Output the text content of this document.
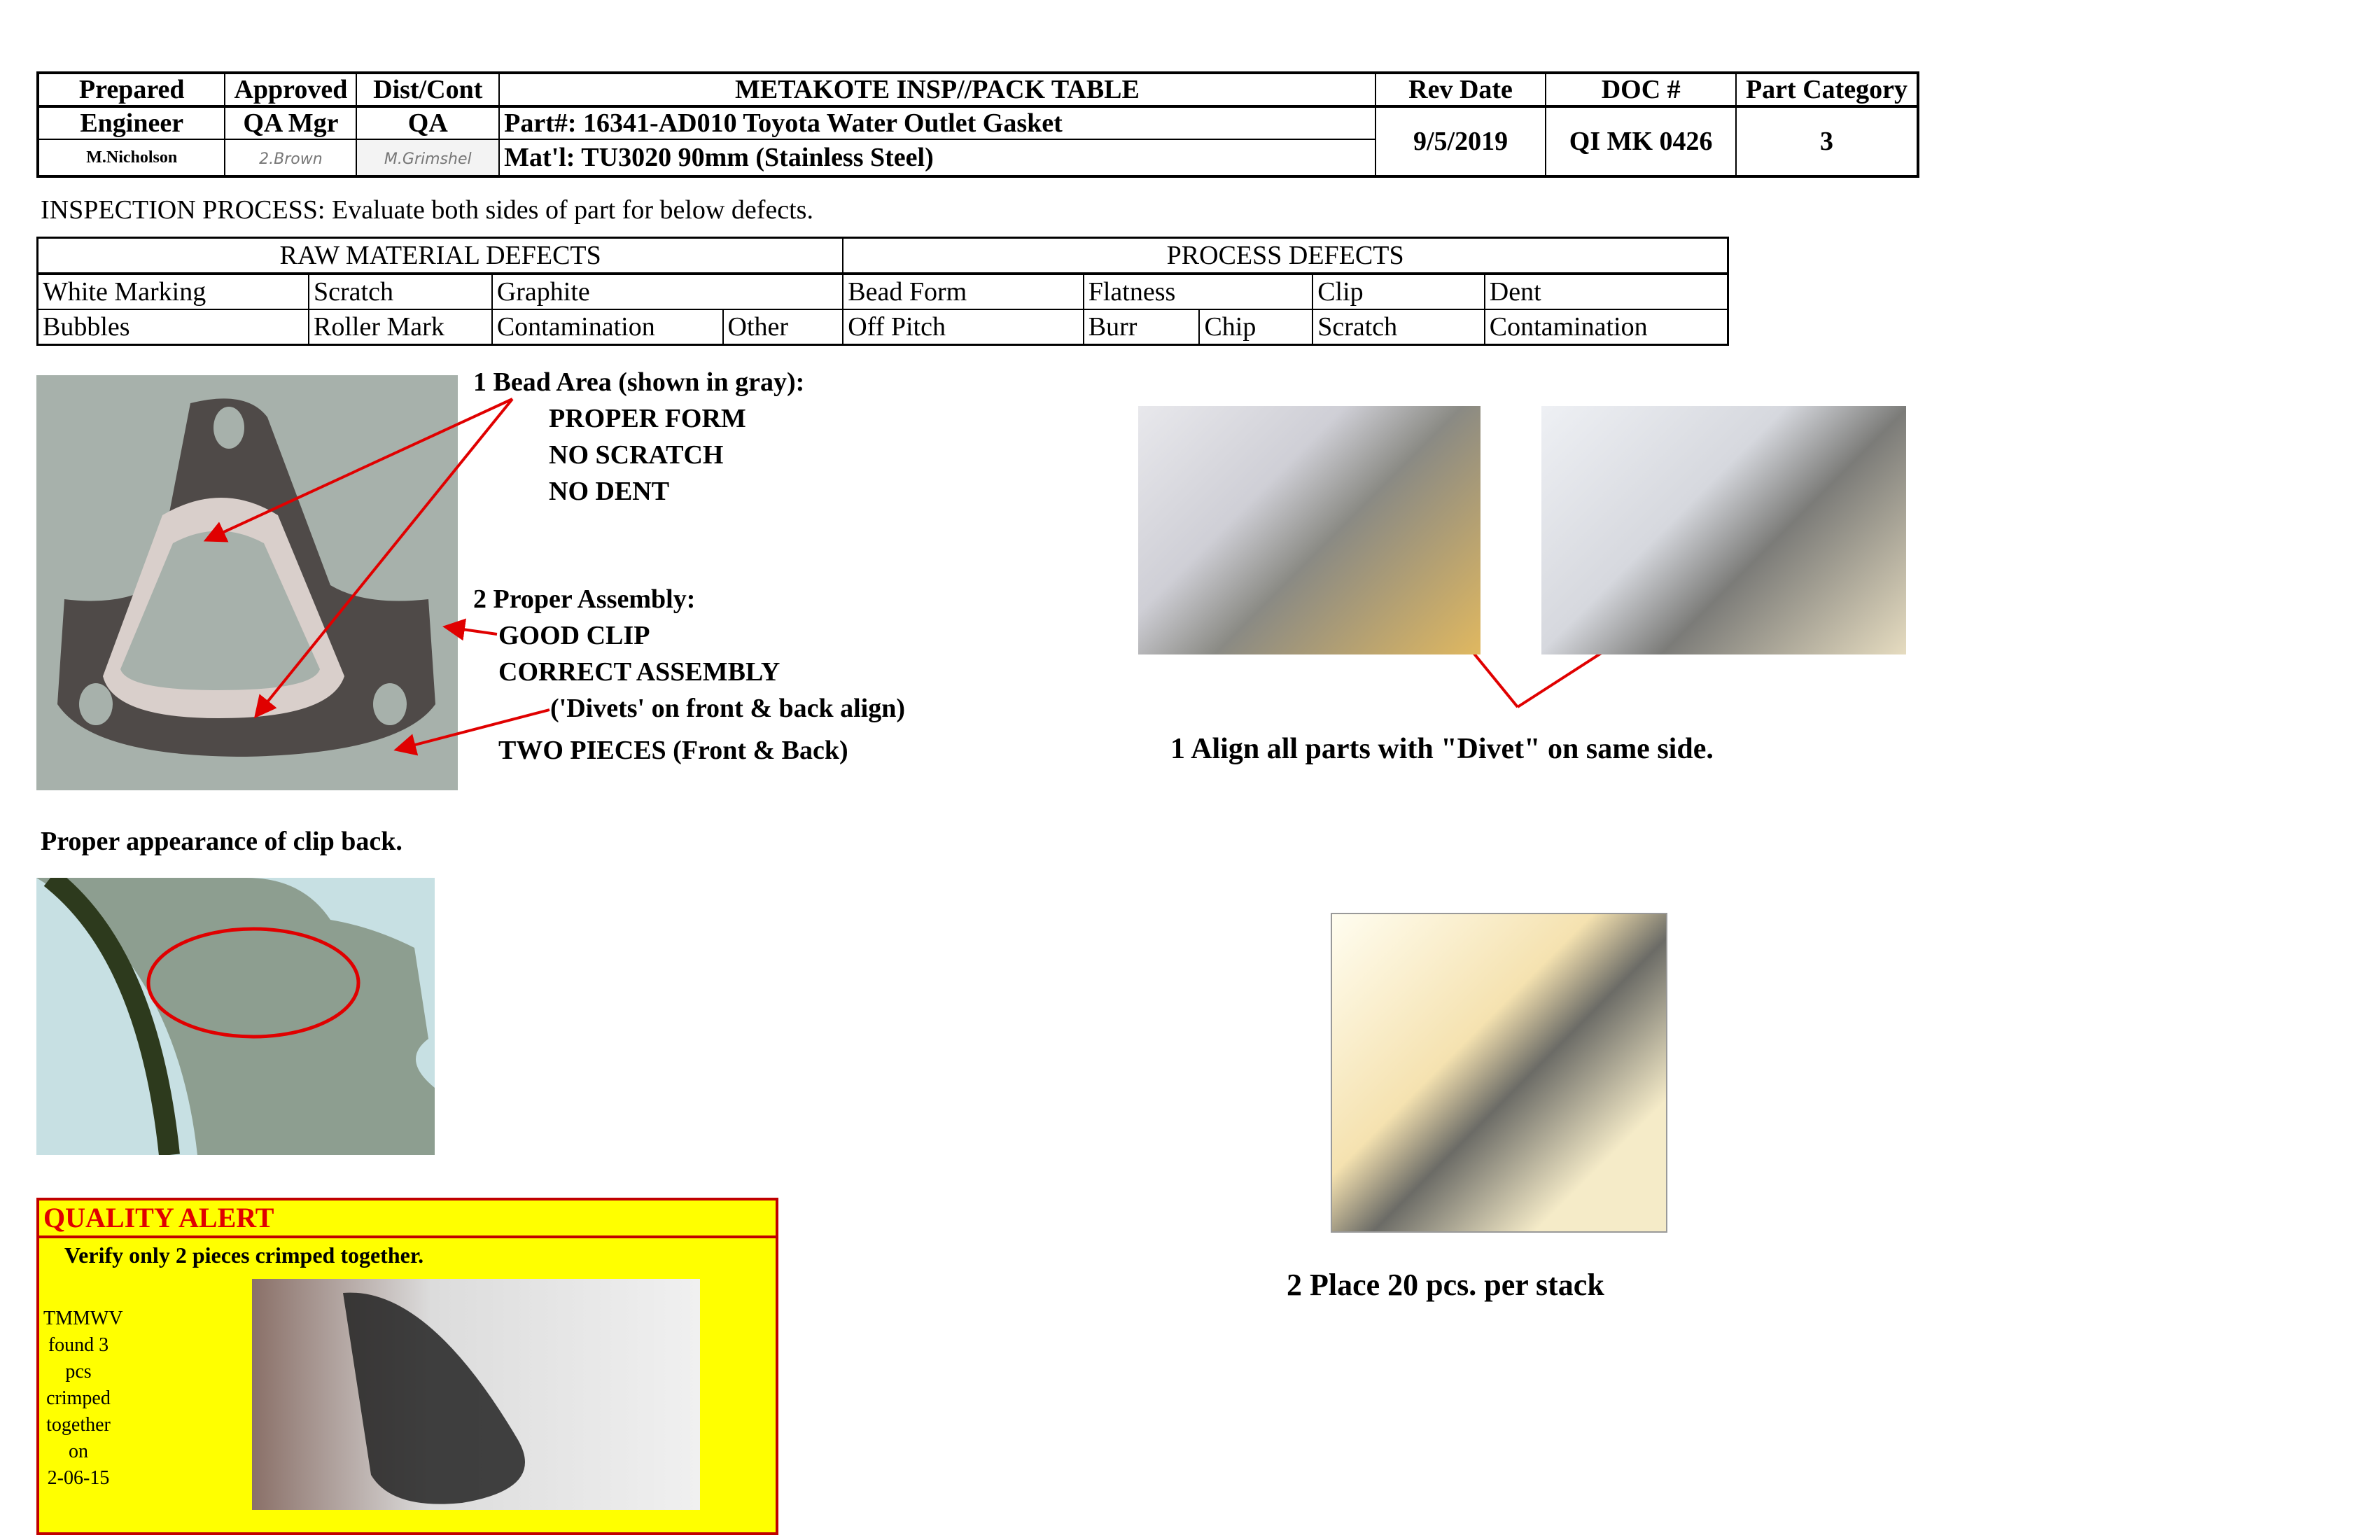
Prepared	Approved	Dist/Cont	METAKOTE INSP//PACK TABLE	Rev Date	DOC #	Part Category
Engineer	QA Mgr	QA	Part#: 16341-AD010 Toyota Water Outlet Gasket	9/5/2019	QI MK 0426	3
M.Nicholson	2.Brown	M.Grimshel	Mat'l: TU3020 90mm (Stainless Steel)			
INSPECTION PROCESS: Evaluate both sides of part for below defects.
RAW MATERIAL DEFECTS				PROCESS DEFECTS				
White Marking	Scratch	Graphite		Bead Form	Flatness		Clip	Dent
Bubbles	Roller Mark	Contamination	Other	Off Pitch	Burr	Chip	Scratch	Contamination
1 Bead Area (shown in gray):
PROPER FORM
NO SCRATCH
NO DENT
2 Proper Assembly:
GOOD CLIP
CORRECT ASSEMBLY
('Divets' on front & back align)
TWO PIECES (Front & Back)	1 Align all parts with "Divet" on same side.
Proper appearance of clip back.
2 Place 20 pcs. per stack
QUALITY ALERT
Verify only 2 pieces crimped together.
TMMWV
found 3 pcs
crimped
together on
2-06-15
